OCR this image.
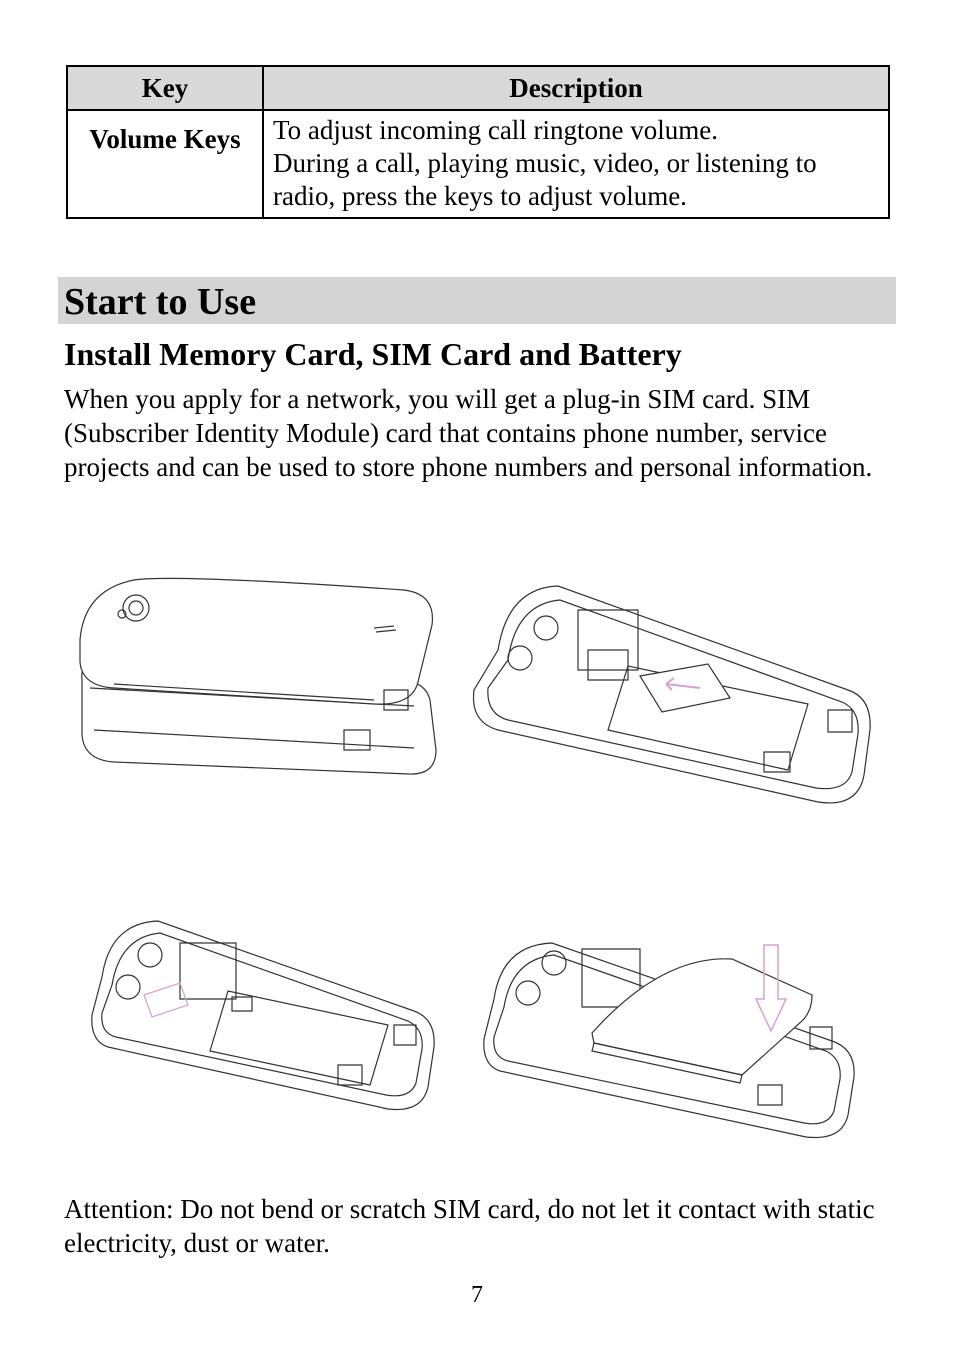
Key	Description
Volume Keys	To adjust incoming call ringtone volume.
During a call, playing music, video, or listening to
radio, press the keys to adjust volume.
Start to Use
Install Memory Card, SIM Card and Battery
When you apply for a network, you will get a plug-in SIM card. SIM (Subscriber Identity Module) card that contains phone number, service projects and can be used to store phone numbers and personal information.
Attention: Do not bend or scratch SIM card, do not let it contact with static electricity, dust or water.
7
